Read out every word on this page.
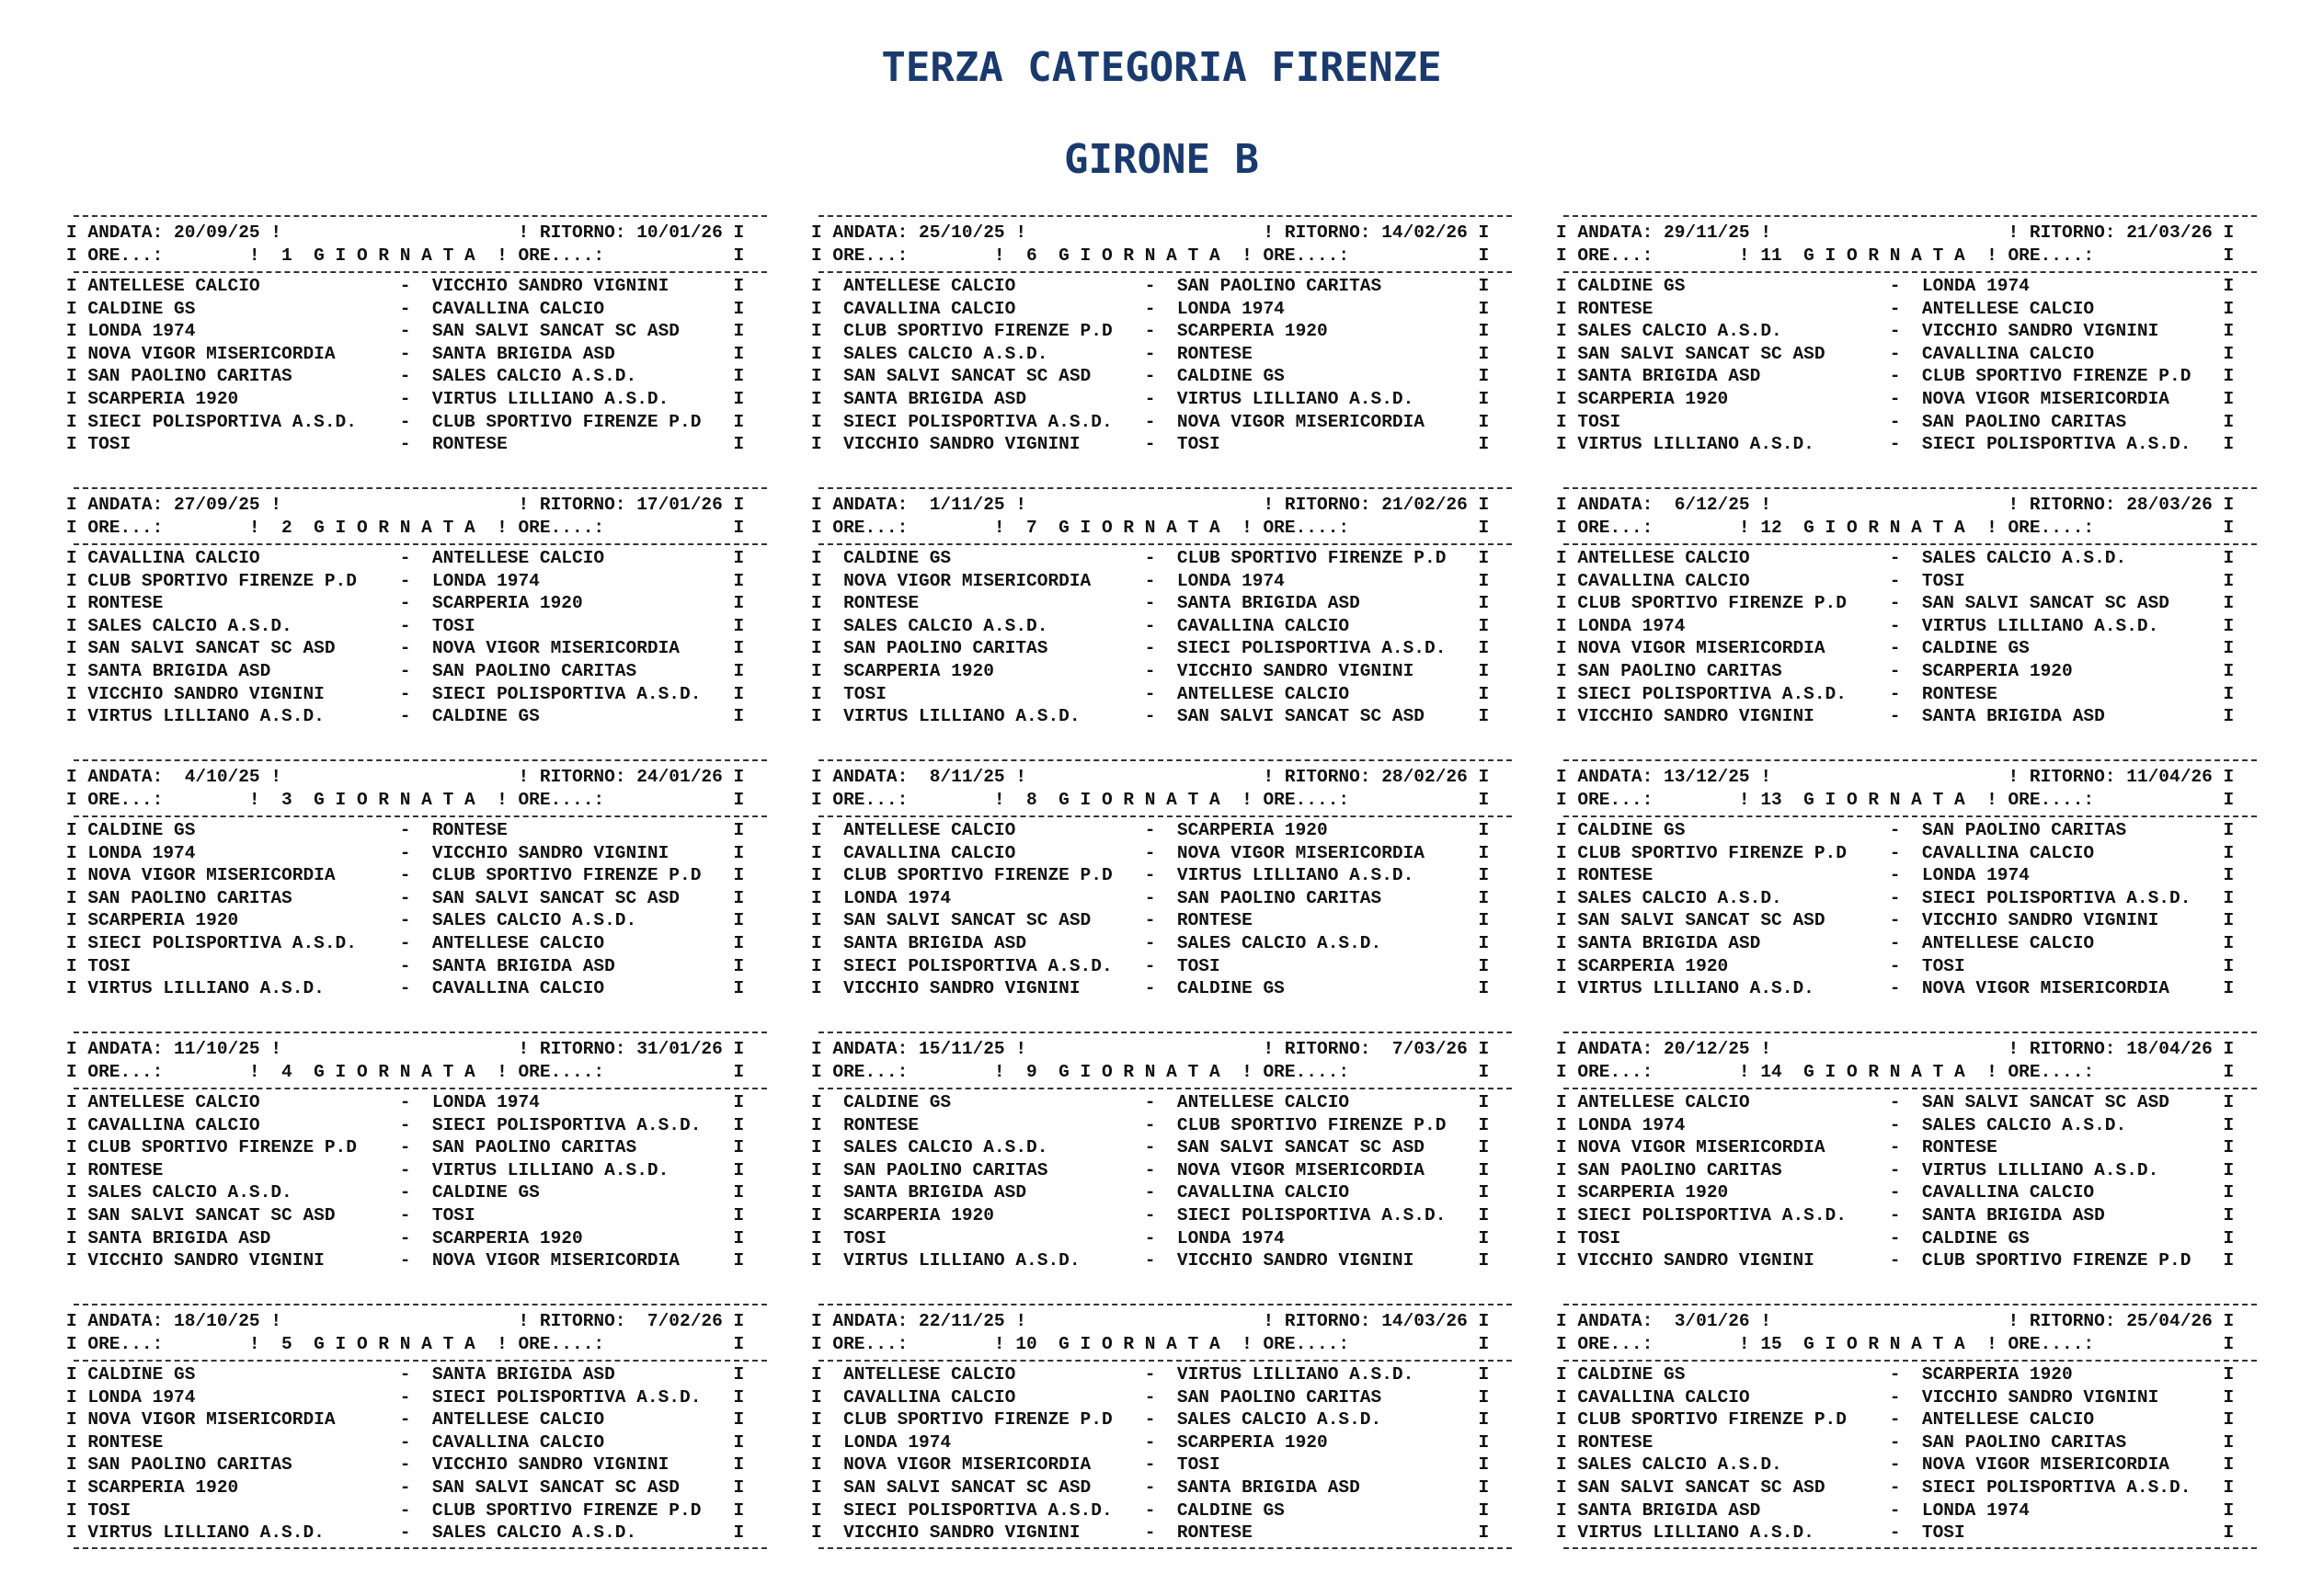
TERZA CATEGORIA FIRENZE
GIRONE B
I ANDATA: 20/09/25 !                      ! RITORNO: 10/01/26 I
I ORE...:        !  1  G I O R N A T A  ! ORE....:            I
I ANTELLESE CALCIO             -  VICCHIO SANDRO VIGNINI      I
I CALDINE GS                   -  CAVALLINA CALCIO            I
I LONDA 1974                   -  SAN SALVI SANCAT SC ASD     I
I NOVA VIGOR MISERICORDIA      -  SANTA BRIGIDA ASD           I
I SAN PAOLINO CARITAS          -  SALES CALCIO A.S.D.         I
I SCARPERIA 1920               -  VIRTUS LILLIANO A.S.D.      I
I SIECI POLISPORTIVA A.S.D.    -  CLUB SPORTIVO FIRENZE P.D   I
I TOSI                         -  RONTESE                     I
I ANDATA: 27/09/25 !                      ! RITORNO: 17/01/26 I
I ORE...:        !  2  G I O R N A T A  ! ORE....:            I
I CAVALLINA CALCIO             -  ANTELLESE CALCIO            I
I CLUB SPORTIVO FIRENZE P.D    -  LONDA 1974                  I
I RONTESE                      -  SCARPERIA 1920              I
I SALES CALCIO A.S.D.          -  TOSI                        I
I SAN SALVI SANCAT SC ASD      -  NOVA VIGOR MISERICORDIA     I
I SANTA BRIGIDA ASD            -  SAN PAOLINO CARITAS         I
I VICCHIO SANDRO VIGNINI       -  SIECI POLISPORTIVA A.S.D.   I
I VIRTUS LILLIANO A.S.D.       -  CALDINE GS                  I
I ANDATA:  4/10/25 !                      ! RITORNO: 24/01/26 I
I ORE...:        !  3  G I O R N A T A  ! ORE....:            I
I CALDINE GS                   -  RONTESE                     I
I LONDA 1974                   -  VICCHIO SANDRO VIGNINI      I
I NOVA VIGOR MISERICORDIA      -  CLUB SPORTIVO FIRENZE P.D   I
I SAN PAOLINO CARITAS          -  SAN SALVI SANCAT SC ASD     I
I SCARPERIA 1920               -  SALES CALCIO A.S.D.         I
I SIECI POLISPORTIVA A.S.D.    -  ANTELLESE CALCIO            I
I TOSI                         -  SANTA BRIGIDA ASD           I
I VIRTUS LILLIANO A.S.D.       -  CAVALLINA CALCIO            I
I ANDATA: 11/10/25 !                      ! RITORNO: 31/01/26 I
I ORE...:        !  4  G I O R N A T A  ! ORE....:            I
I ANTELLESE CALCIO             -  LONDA 1974                  I
I CAVALLINA CALCIO             -  SIECI POLISPORTIVA A.S.D.   I
I CLUB SPORTIVO FIRENZE P.D    -  SAN PAOLINO CARITAS         I
I RONTESE                      -  VIRTUS LILLIANO A.S.D.      I
I SALES CALCIO A.S.D.          -  CALDINE GS                  I
I SAN SALVI SANCAT SC ASD      -  TOSI                        I
I SANTA BRIGIDA ASD            -  SCARPERIA 1920              I
I VICCHIO SANDRO VIGNINI       -  NOVA VIGOR MISERICORDIA     I
I ANDATA: 18/10/25 !                      ! RITORNO:  7/02/26 I
I ORE...:        !  5  G I O R N A T A  ! ORE....:            I
I CALDINE GS                   -  SANTA BRIGIDA ASD           I
I LONDA 1974                   -  SIECI POLISPORTIVA A.S.D.   I
I NOVA VIGOR MISERICORDIA      -  ANTELLESE CALCIO            I
I RONTESE                      -  CAVALLINA CALCIO            I
I SAN PAOLINO CARITAS          -  VICCHIO SANDRO VIGNINI      I
I SCARPERIA 1920               -  SAN SALVI SANCAT SC ASD     I
I TOSI                         -  CLUB SPORTIVO FIRENZE P.D   I
I VIRTUS LILLIANO A.S.D.       -  SALES CALCIO A.S.D.         I
I ANDATA: 25/10/25 !                      ! RITORNO: 14/02/26 I
I ORE...:        !  6  G I O R N A T A  ! ORE....:            I
I  ANTELLESE CALCIO            -  SAN PAOLINO CARITAS         I
I  CAVALLINA CALCIO            -  LONDA 1974                  I
I  CLUB SPORTIVO FIRENZE P.D   -  SCARPERIA 1920              I
I  SALES CALCIO A.S.D.         -  RONTESE                     I
I  SAN SALVI SANCAT SC ASD     -  CALDINE GS                  I
I  SANTA BRIGIDA ASD           -  VIRTUS LILLIANO A.S.D.      I
I  SIECI POLISPORTIVA A.S.D.   -  NOVA VIGOR MISERICORDIA     I
I  VICCHIO SANDRO VIGNINI      -  TOSI                        I
I ANDATA:  1/11/25 !                      ! RITORNO: 21/02/26 I
I ORE...:        !  7  G I O R N A T A  ! ORE....:            I
I  CALDINE GS                  -  CLUB SPORTIVO FIRENZE P.D   I
I  NOVA VIGOR MISERICORDIA     -  LONDA 1974                  I
I  RONTESE                     -  SANTA BRIGIDA ASD           I
I  SALES CALCIO A.S.D.         -  CAVALLINA CALCIO            I
I  SAN PAOLINO CARITAS         -  SIECI POLISPORTIVA A.S.D.   I
I  SCARPERIA 1920              -  VICCHIO SANDRO VIGNINI      I
I  TOSI                        -  ANTELLESE CALCIO            I
I  VIRTUS LILLIANO A.S.D.      -  SAN SALVI SANCAT SC ASD     I
I ANDATA:  8/11/25 !                      ! RITORNO: 28/02/26 I
I ORE...:        !  8  G I O R N A T A  ! ORE....:            I
I  ANTELLESE CALCIO            -  SCARPERIA 1920              I
I  CAVALLINA CALCIO            -  NOVA VIGOR MISERICORDIA     I
I  CLUB SPORTIVO FIRENZE P.D   -  VIRTUS LILLIANO A.S.D.      I
I  LONDA 1974                  -  SAN PAOLINO CARITAS         I
I  SAN SALVI SANCAT SC ASD     -  RONTESE                     I
I  SANTA BRIGIDA ASD           -  SALES CALCIO A.S.D.         I
I  SIECI POLISPORTIVA A.S.D.   -  TOSI                        I
I  VICCHIO SANDRO VIGNINI      -  CALDINE GS                  I
I ANDATA: 15/11/25 !                      ! RITORNO:  7/03/26 I
I ORE...:        !  9  G I O R N A T A  ! ORE....:            I
I  CALDINE GS                  -  ANTELLESE CALCIO            I
I  RONTESE                     -  CLUB SPORTIVO FIRENZE P.D   I
I  SALES CALCIO A.S.D.         -  SAN SALVI SANCAT SC ASD     I
I  SAN PAOLINO CARITAS         -  NOVA VIGOR MISERICORDIA     I
I  SANTA BRIGIDA ASD           -  CAVALLINA CALCIO            I
I  SCARPERIA 1920              -  SIECI POLISPORTIVA A.S.D.   I
I  TOSI                        -  LONDA 1974                  I
I  VIRTUS LILLIANO A.S.D.      -  VICCHIO SANDRO VIGNINI      I
I ANDATA: 22/11/25 !                      ! RITORNO: 14/03/26 I
I ORE...:        ! 10  G I O R N A T A  ! ORE....:            I
I  ANTELLESE CALCIO            -  VIRTUS LILLIANO A.S.D.      I
I  CAVALLINA CALCIO            -  SAN PAOLINO CARITAS         I
I  CLUB SPORTIVO FIRENZE P.D   -  SALES CALCIO A.S.D.         I
I  LONDA 1974                  -  SCARPERIA 1920              I
I  NOVA VIGOR MISERICORDIA     -  TOSI                        I
I  SAN SALVI SANCAT SC ASD     -  SANTA BRIGIDA ASD           I
I  SIECI POLISPORTIVA A.S.D.   -  CALDINE GS                  I
I  VICCHIO SANDRO VIGNINI      -  RONTESE                     I
I ANDATA: 29/11/25 !                      ! RITORNO: 21/03/26 I
I ORE...:        ! 11  G I O R N A T A  ! ORE....:            I
I CALDINE GS                   -  LONDA 1974                  I
I RONTESE                      -  ANTELLESE CALCIO            I
I SALES CALCIO A.S.D.          -  VICCHIO SANDRO VIGNINI      I
I SAN SALVI SANCAT SC ASD      -  CAVALLINA CALCIO            I
I SANTA BRIGIDA ASD            -  CLUB SPORTIVO FIRENZE P.D   I
I SCARPERIA 1920               -  NOVA VIGOR MISERICORDIA     I
I TOSI                         -  SAN PAOLINO CARITAS         I
I VIRTUS LILLIANO A.S.D.       -  SIECI POLISPORTIVA A.S.D.   I
I ANDATA:  6/12/25 !                      ! RITORNO: 28/03/26 I
I ORE...:        ! 12  G I O R N A T A  ! ORE....:            I
I ANTELLESE CALCIO             -  SALES CALCIO A.S.D.         I
I CAVALLINA CALCIO             -  TOSI                        I
I CLUB SPORTIVO FIRENZE P.D    -  SAN SALVI SANCAT SC ASD     I
I LONDA 1974                   -  VIRTUS LILLIANO A.S.D.      I
I NOVA VIGOR MISERICORDIA      -  CALDINE GS                  I
I SAN PAOLINO CARITAS          -  SCARPERIA 1920              I
I SIECI POLISPORTIVA A.S.D.    -  RONTESE                     I
I VICCHIO SANDRO VIGNINI       -  SANTA BRIGIDA ASD           I
I ANDATA: 13/12/25 !                      ! RITORNO: 11/04/26 I
I ORE...:        ! 13  G I O R N A T A  ! ORE....:            I
I CALDINE GS                   -  SAN PAOLINO CARITAS         I
I CLUB SPORTIVO FIRENZE P.D    -  CAVALLINA CALCIO            I
I RONTESE                      -  LONDA 1974                  I
I SALES CALCIO A.S.D.          -  SIECI POLISPORTIVA A.S.D.   I
I SAN SALVI SANCAT SC ASD      -  VICCHIO SANDRO VIGNINI      I
I SANTA BRIGIDA ASD            -  ANTELLESE CALCIO            I
I SCARPERIA 1920               -  TOSI                        I
I VIRTUS LILLIANO A.S.D.       -  NOVA VIGOR MISERICORDIA     I
I ANDATA: 20/12/25 !                      ! RITORNO: 18/04/26 I
I ORE...:        ! 14  G I O R N A T A  ! ORE....:            I
I ANTELLESE CALCIO             -  SAN SALVI SANCAT SC ASD     I
I LONDA 1974                   -  SALES CALCIO A.S.D.         I
I NOVA VIGOR MISERICORDIA      -  RONTESE                     I
I SAN PAOLINO CARITAS          -  VIRTUS LILLIANO A.S.D.      I
I SCARPERIA 1920               -  CAVALLINA CALCIO            I
I SIECI POLISPORTIVA A.S.D.    -  SANTA BRIGIDA ASD           I
I TOSI                         -  CALDINE GS                  I
I VICCHIO SANDRO VIGNINI       -  CLUB SPORTIVO FIRENZE P.D   I
I ANDATA:  3/01/26 !                      ! RITORNO: 25/04/26 I
I ORE...:        ! 15  G I O R N A T A  ! ORE....:            I
I CALDINE GS                   -  SCARPERIA 1920              I
I CAVALLINA CALCIO             -  VICCHIO SANDRO VIGNINI      I
I CLUB SPORTIVO FIRENZE P.D    -  ANTELLESE CALCIO            I
I RONTESE                      -  SAN PAOLINO CARITAS         I
I SALES CALCIO A.S.D.          -  NOVA VIGOR MISERICORDIA     I
I SAN SALVI SANCAT SC ASD      -  SIECI POLISPORTIVA A.S.D.   I
I SANTA BRIGIDA ASD            -  LONDA 1974                  I
I VIRTUS LILLIANO A.S.D.       -  TOSI                        I
